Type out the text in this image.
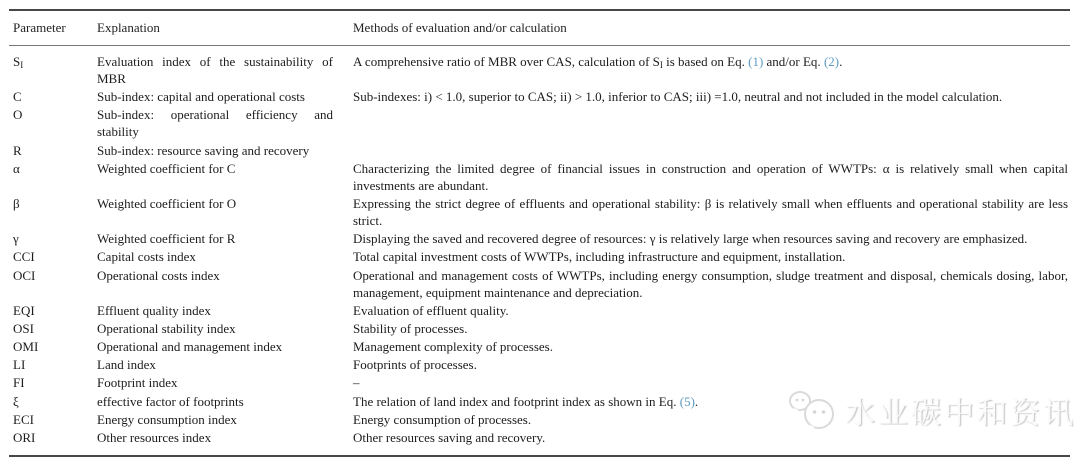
Parameter	Explanation	Methods of evaluation and/or calculation
$S_I$	Evaluation index of the sustainability of MBR	A comprehensive ratio of MBR over CAS, calculation of $S_I$ is based on Eq. (1) and/or Eq. (2).
C	Sub-index: capital and operational costs	Sub-indexes: i) < 1.0, superior to CAS; ii) > 1.0, inferior to CAS; iii) =1.0, neutral and not included in the model calculation.
O	Sub-index: operational efficiency and stability	
R	Sub-index: resource saving and recovery	
α	Weighted coefficient for C	Characterizing the limited degree of financial issues in construction and operation of WWTPs: α is relatively small when capital investments are abundant.
β	Weighted coefficient for O	Expressing the strict degree of effluents and operational stability: β is relatively small when effluents and operational stability are less strict.
γ	Weighted coefficient for R	Displaying the saved and recovered degree of resources: γ is relatively large when resources saving and recovery are emphasized.
CCI	Capital costs index	Total capital investment costs of WWTPs, including infrastructure and equipment, installation.
OCI	Operational costs index	Operational and management costs of WWTPs, including energy consumption, sludge treatment and disposal, chemicals dosing, labor, management, equipment maintenance and depreciation.
EQI	Effluent quality index	Evaluation of effluent quality.
OSI	Operational stability index	Stability of processes.
OMI	Operational and management index	Management complexity of processes.
LI	Land index	Footprints of processes.
FI	Footprint index	–
ξ	effective factor of footprints	The relation of land index and footprint index as shown in Eq. (5).
ECI	Energy consumption index	Energy consumption of processes.
ORI	Other resources index	Other resources saving and recovery.
水业碳中和资讯
